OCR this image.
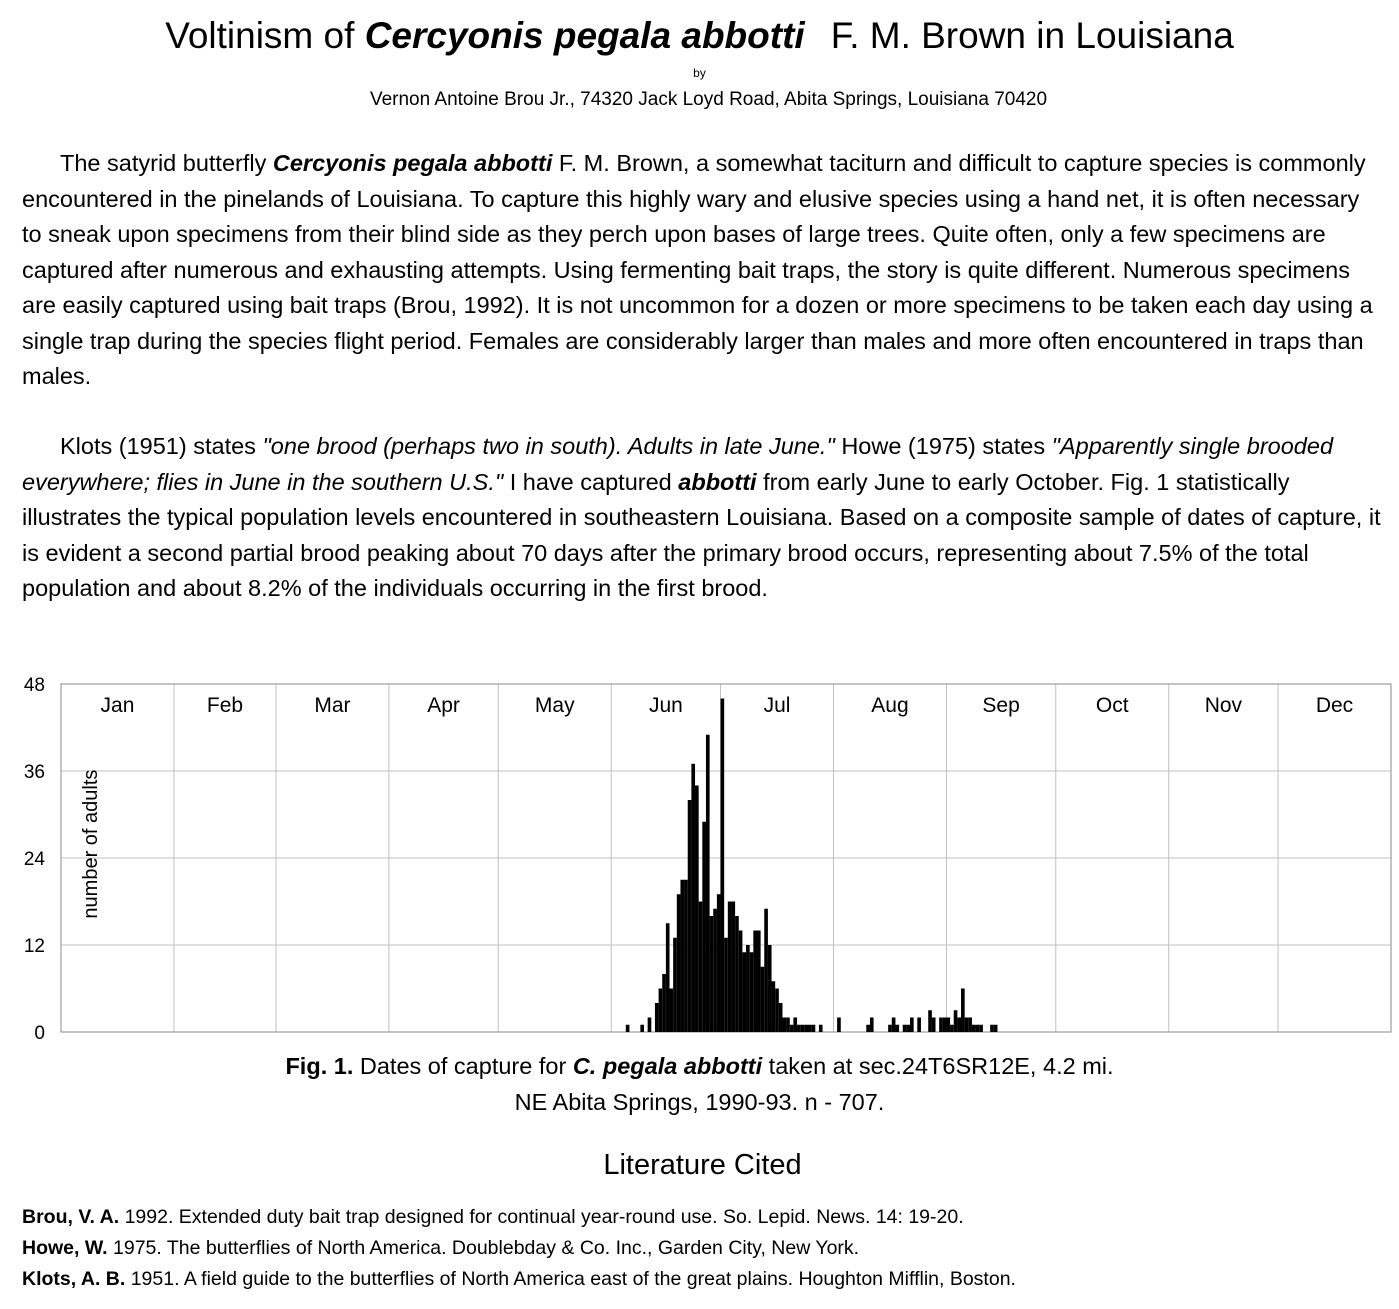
Voltinism of Cercyonis pegala abbotti F. M. Brown in Louisiana
by
Vernon Antoine Brou Jr., 74320 Jack Loyd Road, Abita Springs, Louisiana 70420
The satyrid butterfly Cercyonis pegala abbotti F. M. Brown, a somewhat taciturn and difficult to capture species is commonly encountered in the pinelands of Louisiana. To capture this highly wary and elusive species using a hand net, it is often necessary to sneak upon specimens from their blind side as they perch upon bases of large trees. Quite often, only a few specimens are captured after numerous and exhausting attempts. Using fermenting bait traps, the story is quite different. Numerous specimens are easily captured using bait traps (Brou, 1992). It is not uncommon for a dozen or more specimens to be taken each day using a single trap during the species flight period. Females are considerably larger than males and more often encountered in traps than males.
Klots (1951) states "one brood (perhaps two in south). Adults in late June." Howe (1975) states "Apparently single brooded everywhere; flies in June in the southern U.S." I have captured abbotti from early June to early October. Fig. 1 statistically illustrates the typical population levels encountered in southeastern Louisiana. Based on a composite sample of dates of capture, it is evident a second partial brood peaking about 70 days after the primary brood occurs, representing about 7.5% of the total population and about 8.2% of the individuals occurring in the first brood.
Jan	Feb	Mar	Apr	May	Jun	Jul	Aug	Sep	Oct	Nov	Dec
0
12
24
36
48
number of adults
Fig. 1. Dates of capture for C. pegala abbotti taken at sec.24T6SR12E, 4.2 mi.
NE Abita Springs, 1990-93. n - 707.
Literature Cited
Brou, V. A. 1992. Extended duty bait trap designed for continual year-round use. So. Lepid. News. 14: 19-20.
Howe, W. 1975. The butterflies of North America. Doublebday & Co. Inc., Garden City, New York.
Klots, A. B. 1951. A field guide to the butterflies of North America east of the great plains. Houghton Mifflin, Boston.
